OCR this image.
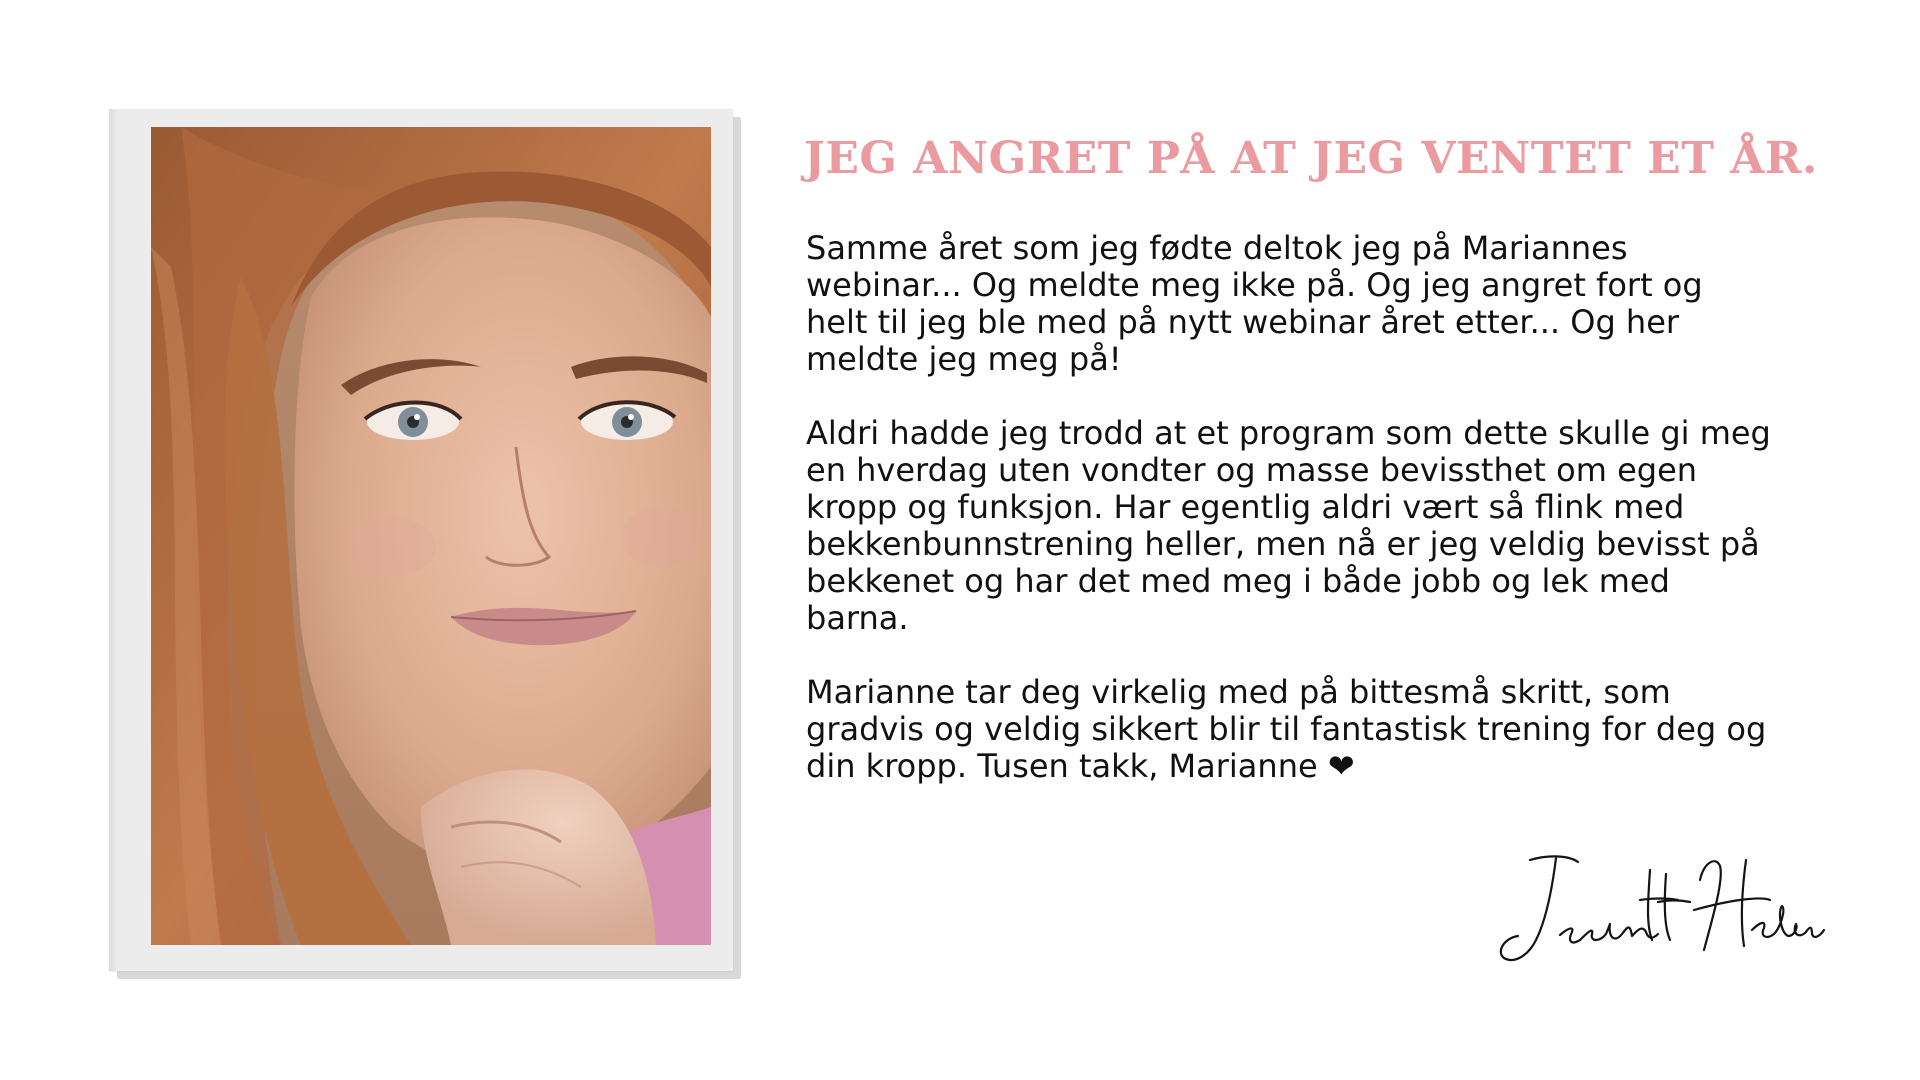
JEG ANGRET PÅ AT JEG VENTET ET ÅR.

Samme året som jeg fødte deltok jeg på Mariannes
webinar... Og meldte meg ikke på. Og jeg angret fort og
helt til jeg ble med på nytt webinar året etter... Og her
meldte jeg meg på!

Aldri hadde jeg trodd at et program som dette skulle gi meg
en hverdag uten vondter og masse bevissthet om egen
kropp og funksjon. Har egentlig aldri vært så flink med
bekkenbunnstrening heller, men nå er jeg veldig bevisst på
bekkenet og har det med meg i både jobb og lek med
barna.

Marianne tar deg virkelig med på bittesmå skritt, som
gradvis og veldig sikkert blir til fantastisk trening for deg og
din kropp. Tusen takk, Marianne ❤
